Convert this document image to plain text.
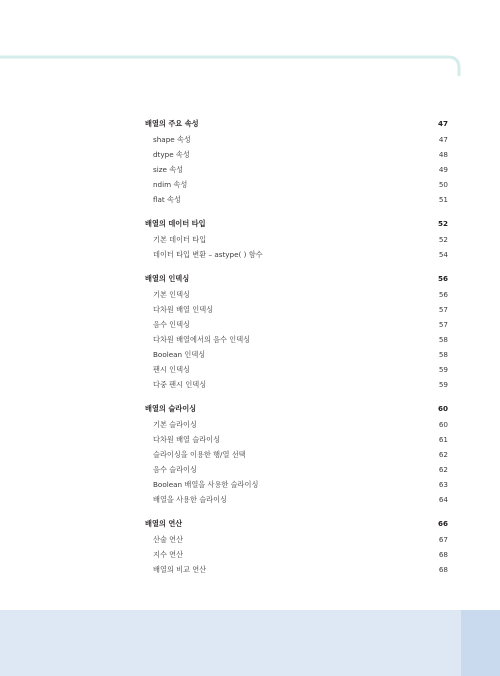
배열의 주요 속성	47
shape 속성	47
dtype 속성	48
size 속성	49
ndim 속성	50
flat 속성	51
배열의 데이터 타입	52
기본 데이터 타입	52
데이터 타입 변환 – astype( ) 함수	54
배열의 인덱싱	56
기본 인덱싱	56
다차원 배열 인덱싱	57
음수 인덱싱	57
다차원 배열에서의 음수 인덱싱	58
Boolean 인덱싱	58
팬시 인덱싱	59
다중 팬시 인덱싱	59
배열의 슬라이싱	60
기본 슬라이싱	60
다차원 배열 슬라이싱	61
슬라이싱을 이용한 행/열 선택	62
음수 슬라이싱	62
Boolean 배열을 사용한 슬라이싱	63
배열을 사용한 슬라이싱	64
배열의 연산	66
산술 연산	67
지수 연산	68
배열의 비교 연산	68
